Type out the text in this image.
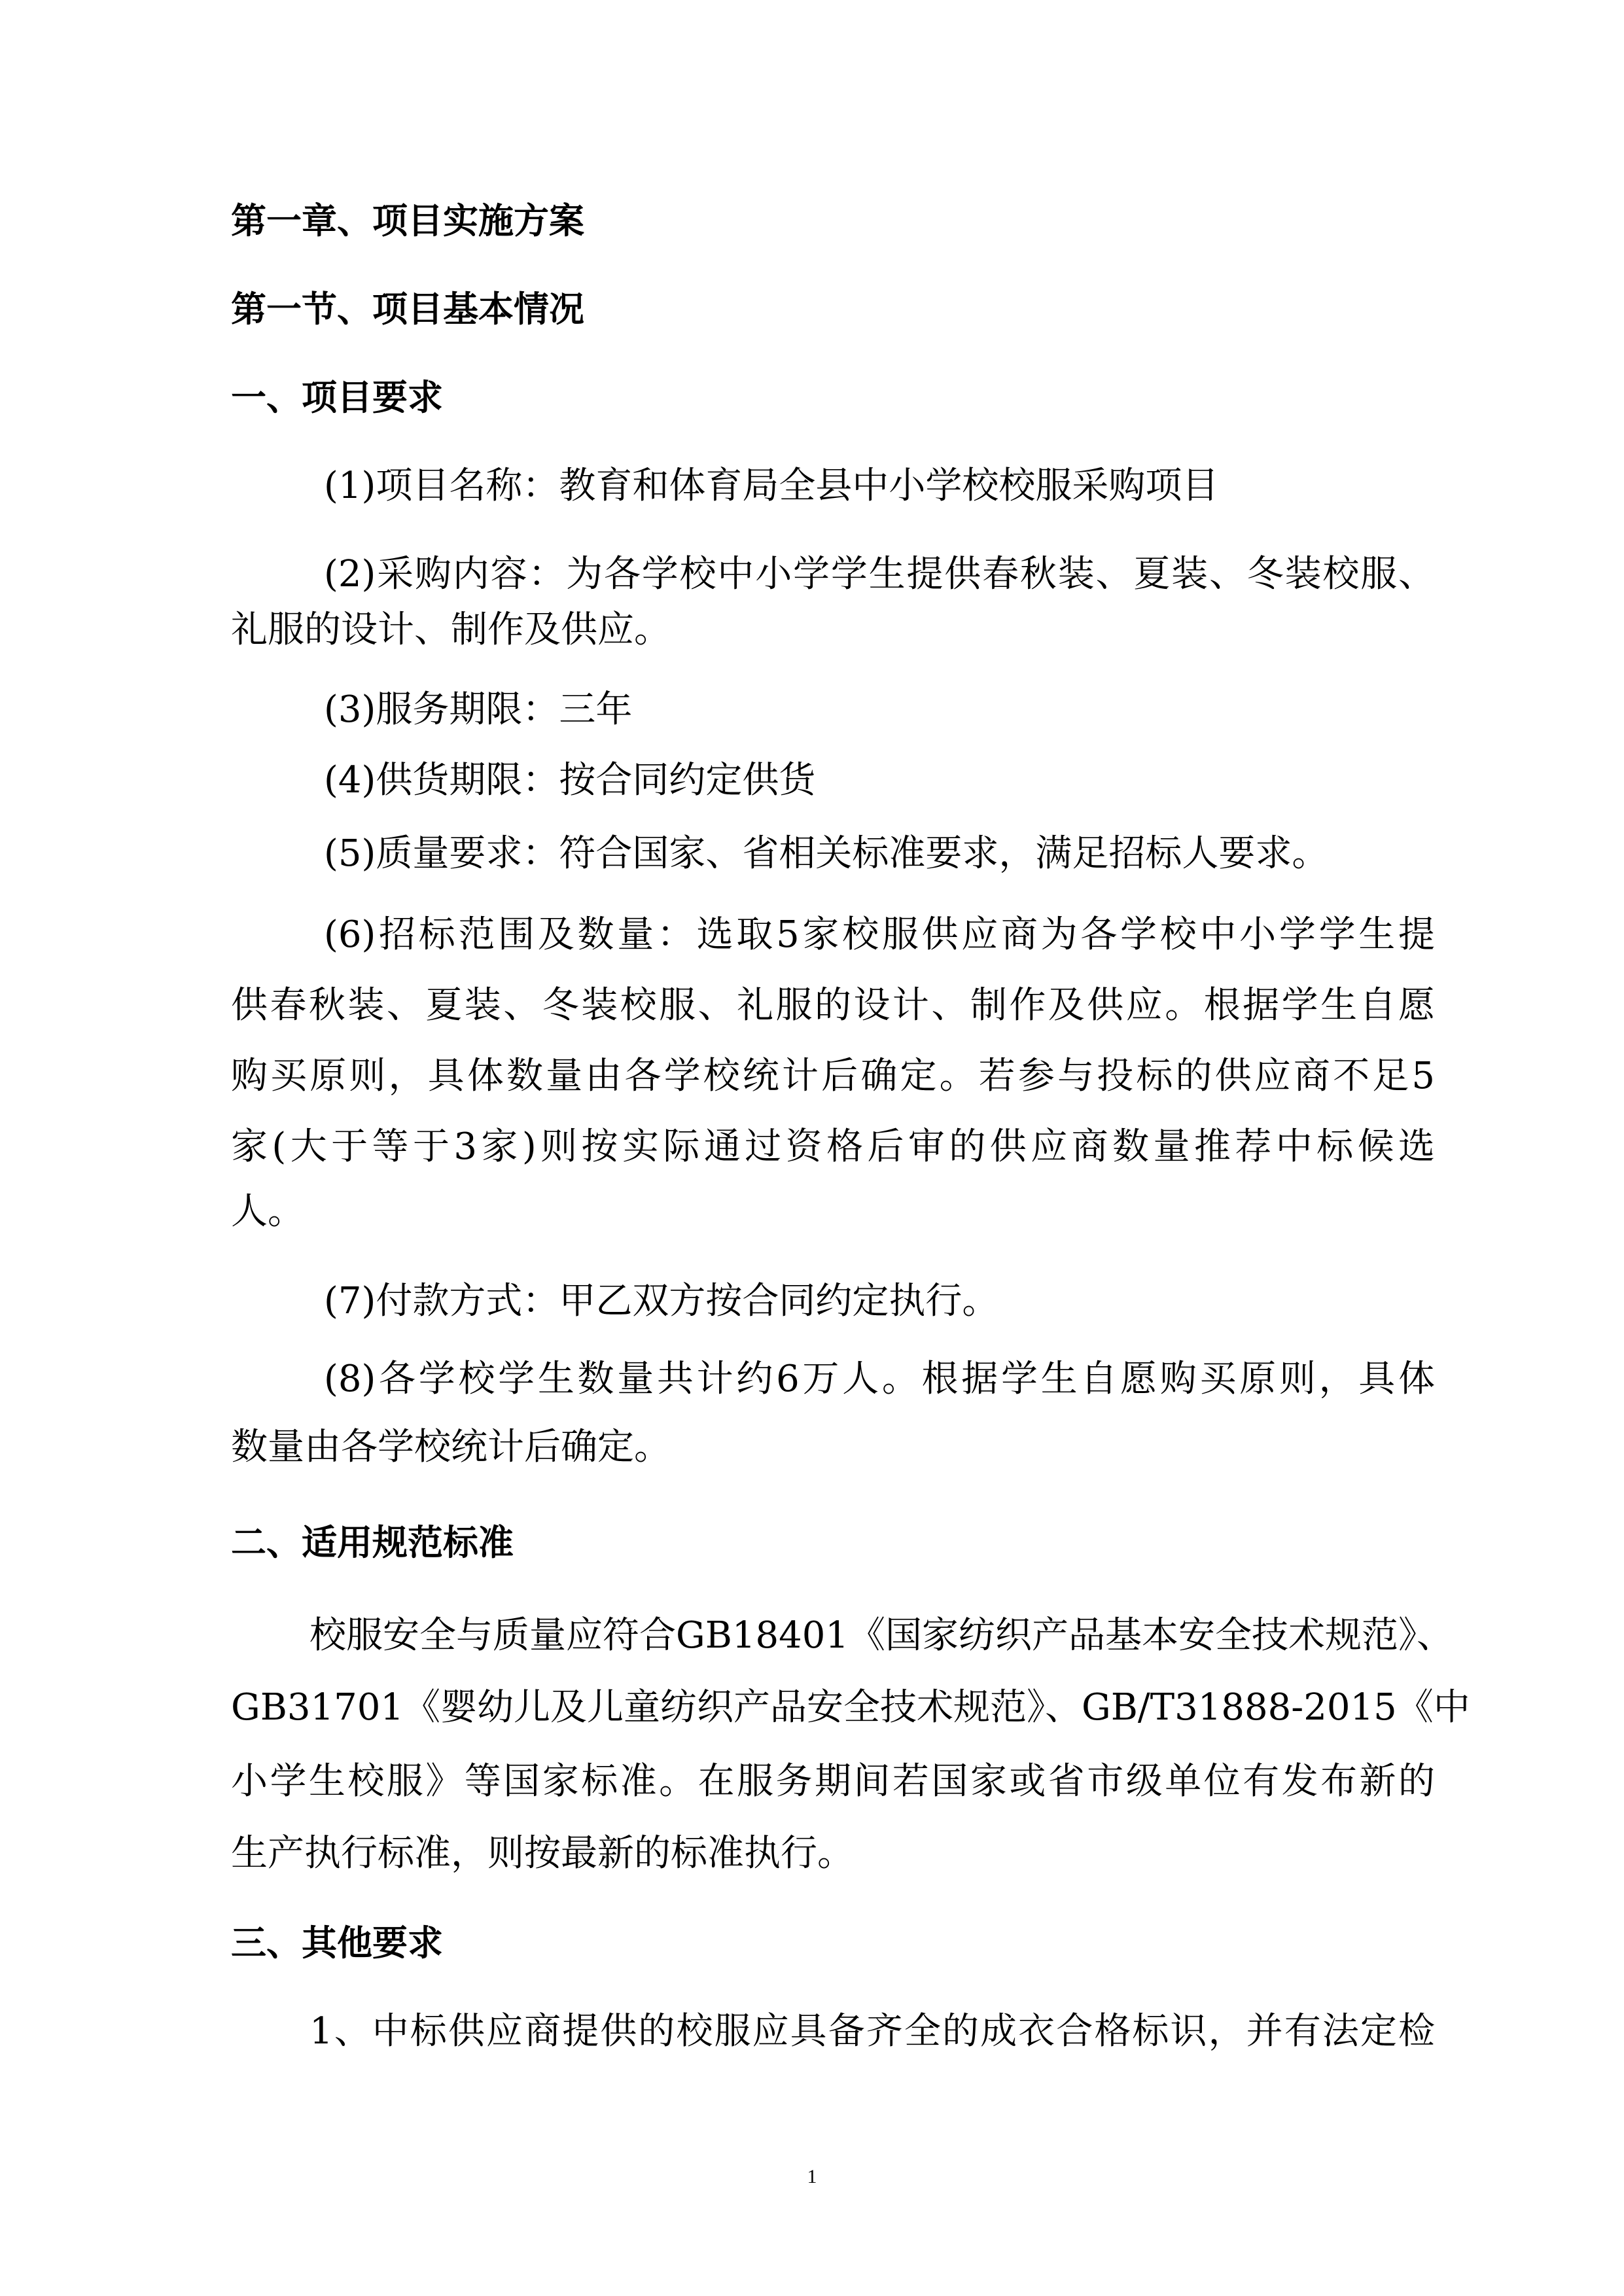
第一章、项目实施方案
第一节、项目基本情况
一、项目要求
(1)项目名称：教育和体育局全县中小学校校服采购项目
(2)采购内容：为各学校中小学学生提供春秋装、夏装、冬装校服、
礼服的设计、制作及供应。
(3)服务期限：三年
(4)供货期限：按合同约定供货
(5)质量要求：符合国家、省相关标准要求，满足招标人要求。
(6)招标范围及数量：选取5家校服供应商为各学校中小学学生提
供春秋装、夏装、冬装校服、礼服的设计、制作及供应。根据学生自愿
购买原则，具体数量由各学校统计后确定。若参与投标的供应商不足5
家(大于等于3家)则按实际通过资格后审的供应商数量推荐中标候选
人。
(7)付款方式：甲乙双方按合同约定执行。
(8)各学校学生数量共计约6万人。根据学生自愿购买原则，具体
数量由各学校统计后确定。
二、适用规范标准
校服安全与质量应符合GB18401《国家纺织产品基本安全技术规范》、
GB31701《婴幼儿及儿童纺织产品安全技术规范》、GB/T31888-2015《中
小学生校服》等国家标准。在服务期间若国家或省市级单位有发布新的
生产执行标准，则按最新的标准执行。
三、其他要求
1、中标供应商提供的校服应具备齐全的成衣合格标识，并有法定检
1
